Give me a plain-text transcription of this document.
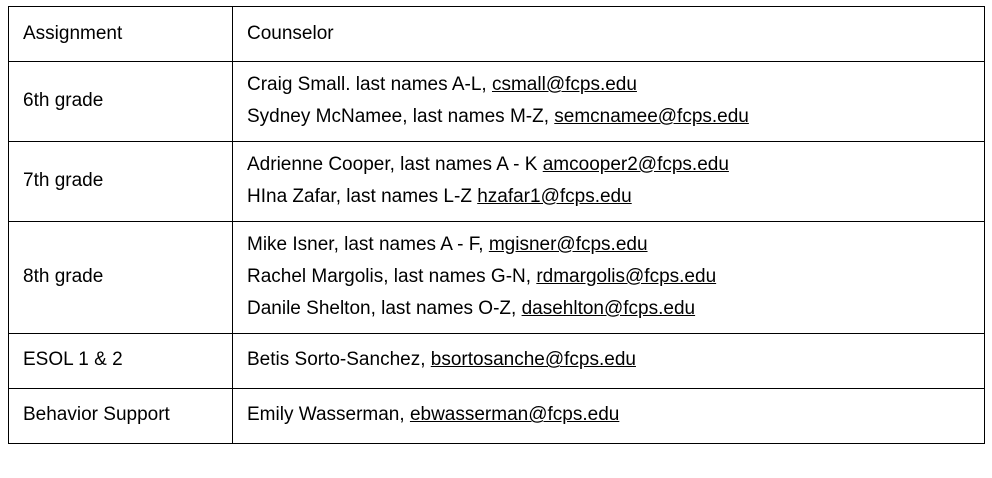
Assignment	Counselor
6th grade	Craig Small. last names A-L, csmall@fcps.edu
Sydney McNamee, last names M-Z, semcnamee@fcps.edu

7th grade	Adrienne Cooper, last names A - K amcooper2@fcps.edu
HIna Zafar, last names L-Z hzafar1@fcps.edu

8th grade	Mike Isner, last names A - F, mgisner@fcps.edu
Rachel Margolis, last names G-N, rdmargolis@fcps.edu
Danile Shelton, last names O-Z, dasehlton@fcps.edu

ESOL 1 & 2	Betis Sorto-Sanchez, bsortosanche@fcps.edu

Behavior Support	Emily Wasserman, ebwasserman@fcps.edu
